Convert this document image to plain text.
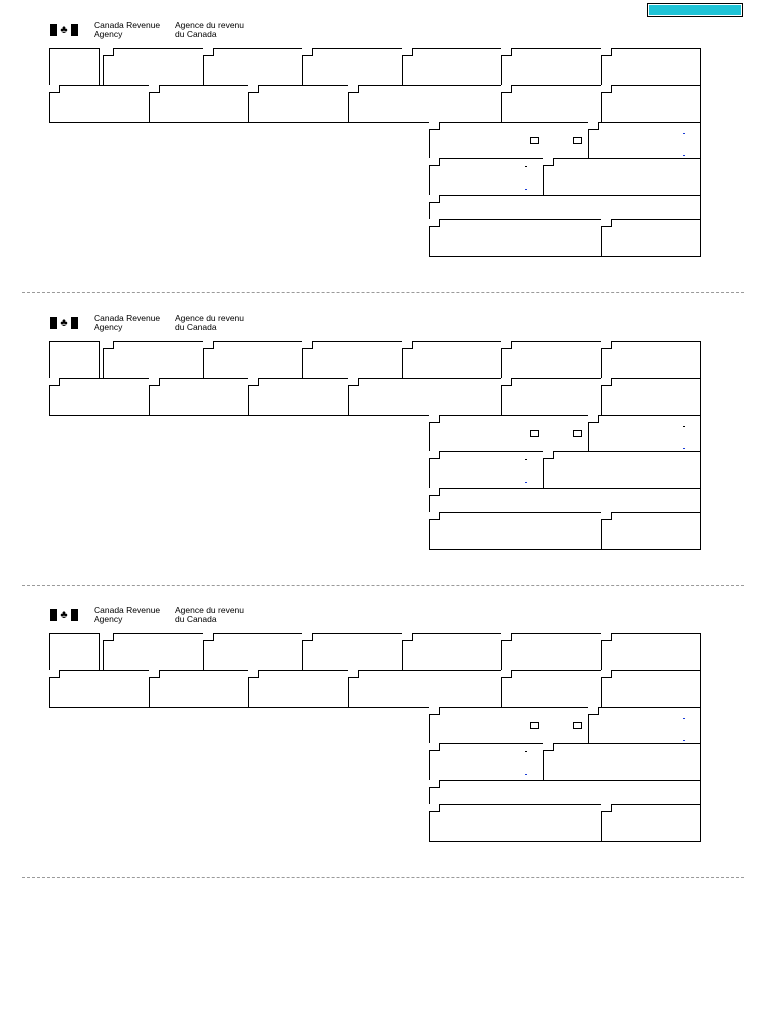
♣	Canada Revenue
Agency
Agence du revenu
du Canada
♣	Canada Revenue
Agency
Agence du revenu
du Canada
♣	Canada Revenue
Agency
Agence du revenu
du Canada
